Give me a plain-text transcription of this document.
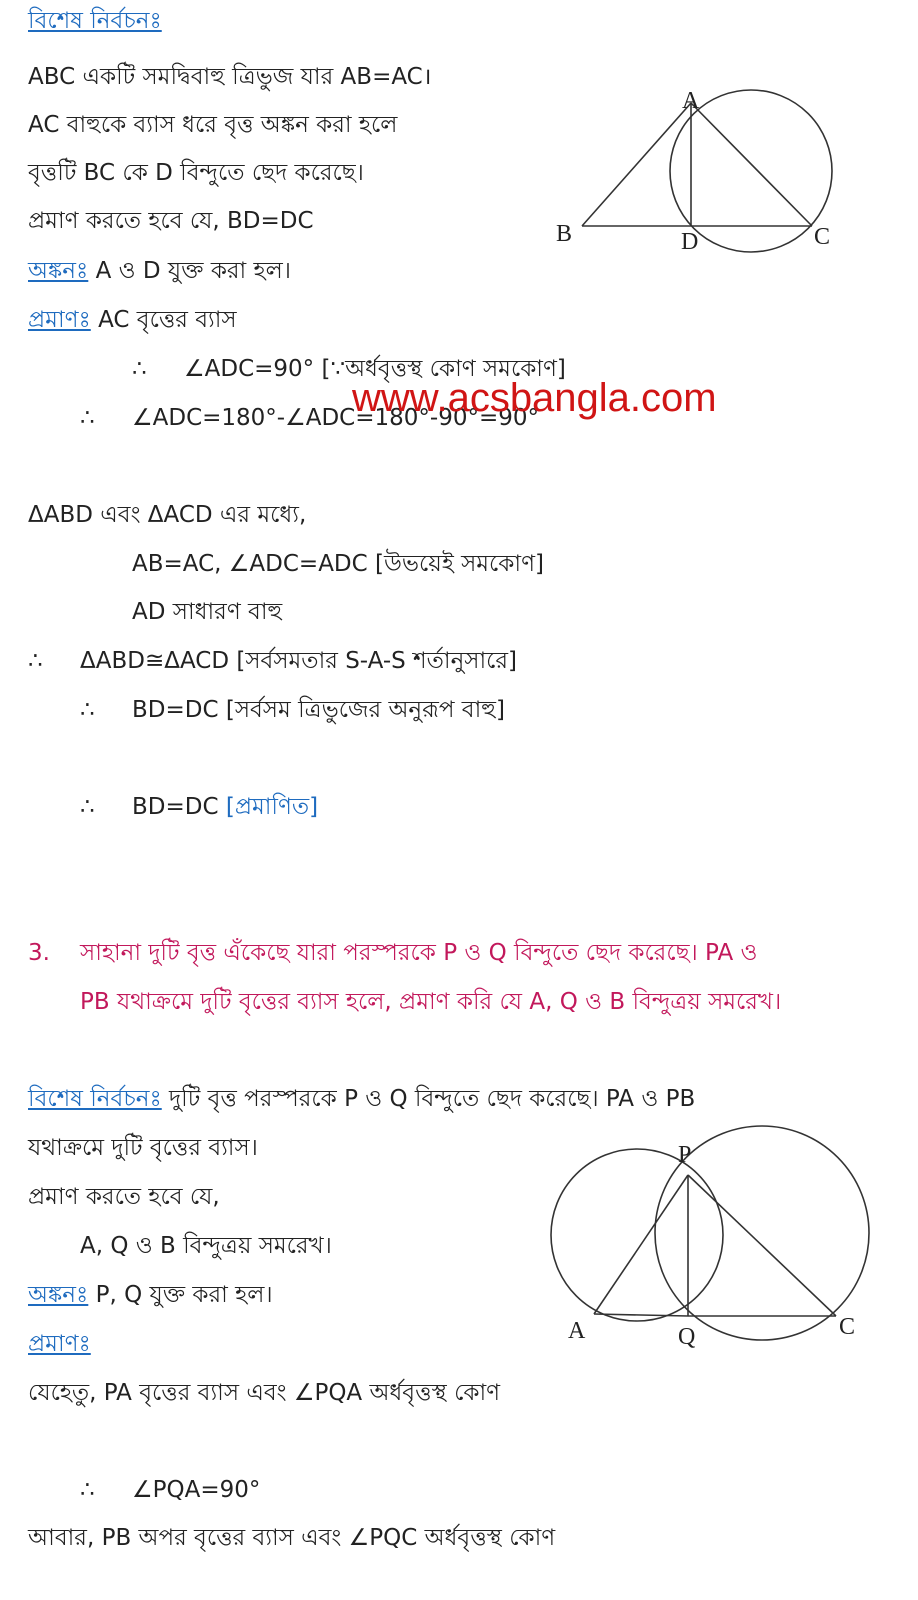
বিশেষ নির্বচনঃ
ABC একটি সমদ্বিবাহু ত্রিভুজ যার AB=AC।
AC বাহুকে ব্যাস ধরে বৃত্ত অঙ্কন করা হলে
বৃত্তটি BC কে D বিন্দুতে ছেদ করেছে।
প্রমাণ করতে হবে যে, BD=DC
অঙ্কনঃ A ও D যুক্ত করা হল।
প্রমাণঃ AC বৃত্তের ব্যাস
∴ ∠ADC=90° [∵অর্ধবৃত্তস্থ কোণ সমকোণ]
∴ ∠ADC=180°-∠ADC=180°-90°=90°
www.acsbangla.com
ΔABD এবং ΔACD এর মধ্যে,
AB=AC, ∠ADC=ADC [উভয়েই সমকোণ]
AD সাধারণ বাহু
∴ ΔABD≅ΔACD [সর্বসমতার S-A-S শর্তানুসারে]
∴ BD=DC [সর্বসম ত্রিভুজের অনুরূপ বাহু]
∴ BD=DC [প্রমাণিত]
A
B	D	C
3. সাহানা দুটি বৃত্ত এঁকেছে যারা পরস্পরকে P ও Q বিন্দুতে ছেদ করেছে। PA ও
PB যথাক্রমে দুটি বৃত্তের ব্যাস হলে, প্রমাণ করি যে A, Q ও B বিন্দুত্রয় সমরেখ।
বিশেষ নির্বচনঃ দুটি বৃত্ত পরস্পরকে P ও Q বিন্দুতে ছেদ করেছে। PA ও PB
যথাক্রমে দুটি বৃত্তের ব্যাস।
প্রমাণ করতে হবে যে,
A, Q ও B বিন্দুত্রয় সমরেখ।
অঙ্কনঃ P, Q যুক্ত করা হল।
প্রমাণঃ
যেহেতু, PA বৃত্তের ব্যাস এবং ∠PQA অর্ধবৃত্তস্থ কোণ
∴ ∠PQA=90°
আবার, PB অপর বৃত্তের ব্যাস এবং ∠PQC অর্ধবৃত্তস্থ কোণ
P
A	Q	C
